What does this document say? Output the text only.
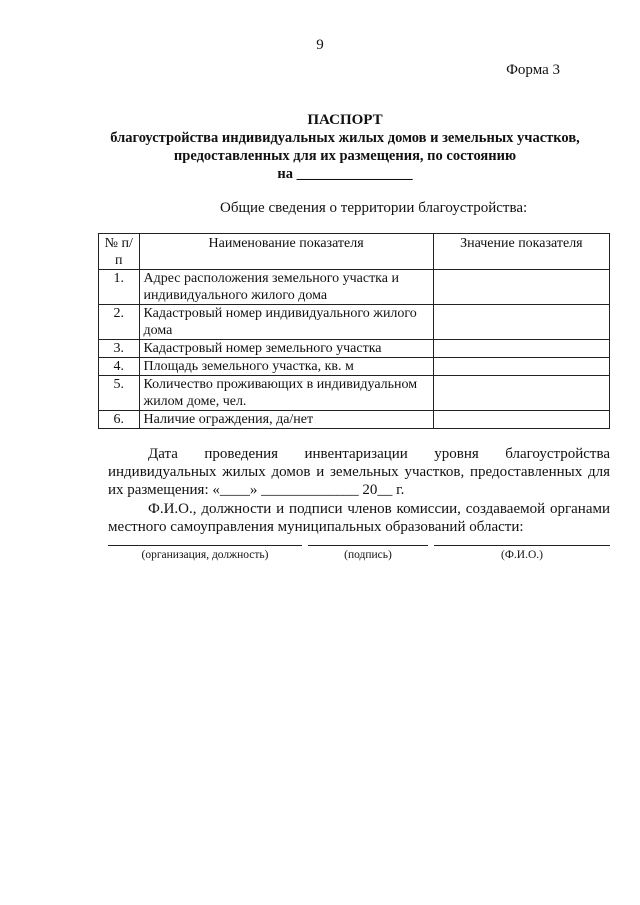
9
Форма 3
ПАСПОРТ
благоустройства индивидуальных жилых домов и земельных участков,
предоставленных для их размещения, по состоянию
на ________________
Общие сведения о территории благоустройства:
№ п/п	Наименование показателя	Значение показателя
1.	Адрес расположения земельного участка и индивидуального жилого дома	
2.	Кадастровый номер индивидуального жилого дома	
3.	Кадастровый номер земельного участка	
4.	Площадь земельного участка, кв. м	
5.	Количество проживающих в индивидуальном жилом доме, чел.	
6.	Наличие ограждения, да/нет	
Дата проведения инвентаризации уровня благоустройства
индивидуальных жилых домов и земельных участков, предоставленных для их размещения: «____» _____________ 20__ г.
Ф.И.О., должности и подписи членов комиссии, создаваемой органами местного самоуправления муниципальных образований области:
(организация, должность)	(подпись)	(Ф.И.О.)
